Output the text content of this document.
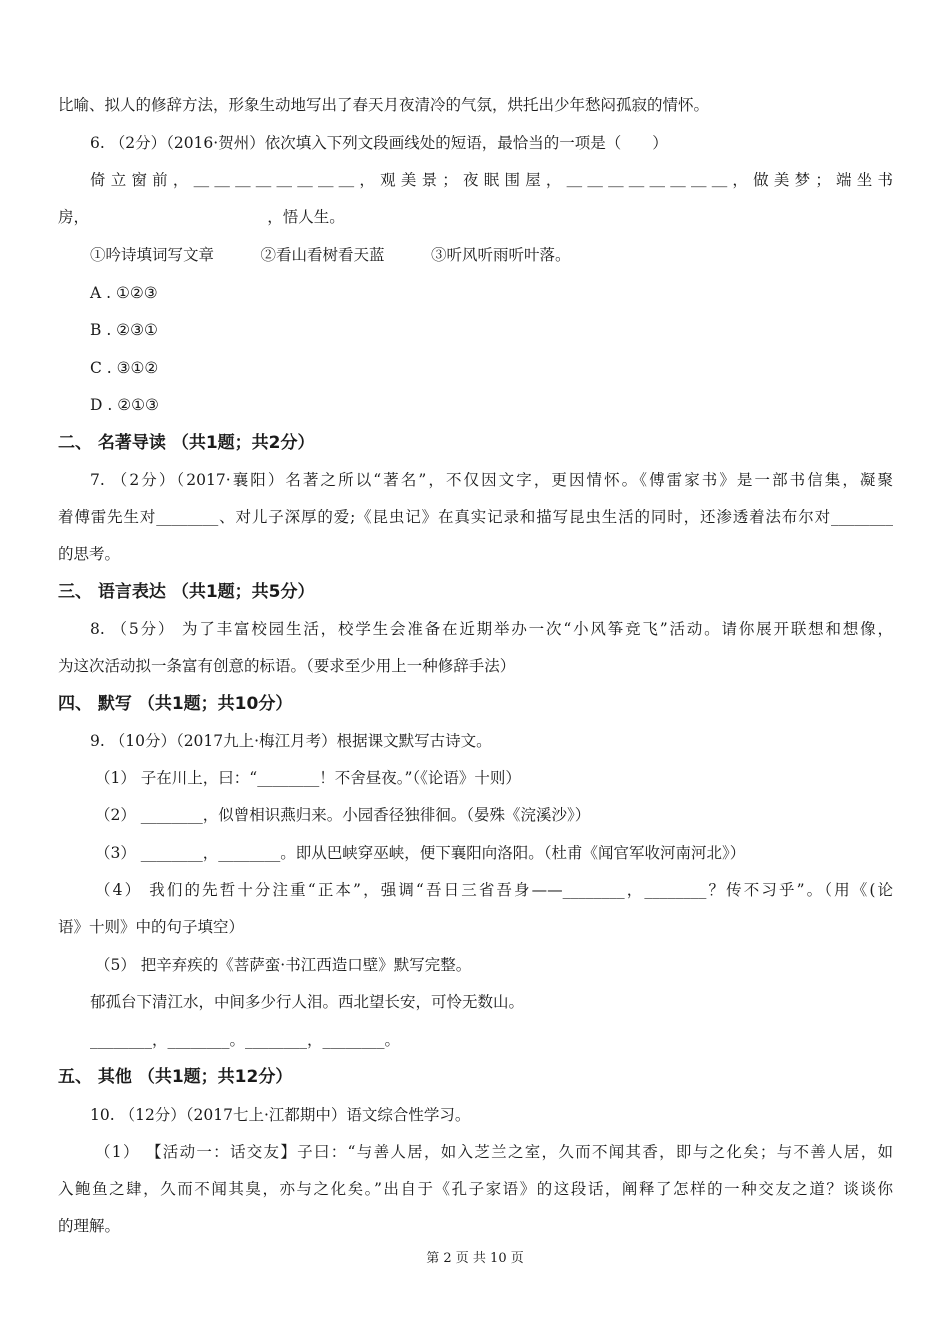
比喻、拟人的修辞方法，形象生动地写出了春天月夜清冷的气氛，烘托出少年愁闷孤寂的情怀。
6. （2分）（2016·贺州）依次填入下列文段画线处的短语，最恰当的一项是（　　）
倚立窗前，＿＿＿＿＿＿＿＿，观美景；夜眠围屋，＿＿＿＿＿＿＿＿，做美梦；端坐书
房，　　　　　　　　　　　　，悟人生。
①吟诗填词写文章　　　②看山看树看天蓝　　　③听风听雨听叶落。
A . ①②③
B . ②③①
C . ③①②
D . ②①③
二、 名著导读 （共1题；共2分）
7. （2分）（2017·襄阳）名著之所以“著名”，不仅因文字，更因情怀。《傅雷家书》是一部书信集，凝聚
着傅雷先生对________、对儿子深厚的爱;《昆虫记》在真实记录和描写昆虫生活的同时，还渗透着法布尔对________
的思考。
三、 语言表达 （共1题；共5分）
8. （5分） 为了丰富校园生活，校学生会准备在近期举办一次“小风筝竞飞”活动。请你展开联想和想像，
为这次活动拟一条富有创意的标语。（要求至少用上一种修辞手法）
四、 默写 （共1题；共10分）
9. （10分）（2017九上·梅江月考）根据课文默写古诗文。
（1） 子在川上，曰：“________！不舍昼夜。”（《论语》十则）
（2） ________，似曾相识燕归来。小园香径独徘徊。（晏殊《浣溪沙》）
（3） ________，________。即从巴峡穿巫峡，便下襄阳向洛阳。（杜甫《闻官军收河南河北》）
（4） 我们的先哲十分注重“正本”，强调“吾日三省吾身——________，________？传不习乎”。（用《(论
语》十则》中的句子填空）
（5） 把辛弃疾的《菩萨蛮·书江西造口壁》默写完整。
郁孤台下清江水，中间多少行人泪。西北望长安，可怜无数山。
________，________。________，________。
五、 其他 （共1题；共12分）
10. （12分）（2017七上·江都期中）语文综合性学习。
（1） 【活动一：话交友】子曰：“与善人居，如入芝兰之室，久而不闻其香，即与之化矣；与不善人居，如
入鲍鱼之肆，久而不闻其臭，亦与之化矣。”出自于《孔子家语》的这段话，阐释了怎样的一种交友之道？谈谈你
的理解。
第 2 页 共 10 页
